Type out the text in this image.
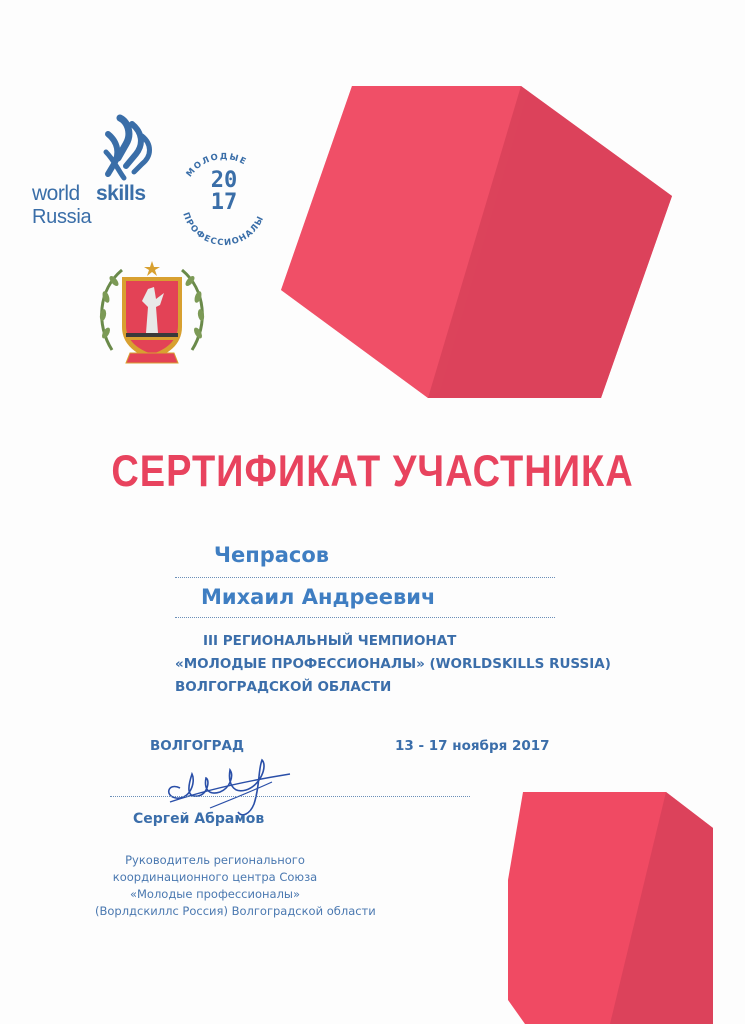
world skills
Russia
МОЛОДЫЕ
ПРОФЕССИОНАЛЫ
20
17
СЕРТИФИКАТ УЧАСТНИКА
Чепрасов
Михаил Андреевич
III РЕГИОНАЛЬНЫЙ ЧЕМПИОНАТ
«МОЛОДЫЕ ПРОФЕССИОНАЛЫ» (WORLDSKILLS RUSSIA)
ВОЛГОГРАДСКОЙ ОБЛАСТИ
ВОЛГОГРАД	13 - 17 ноября 2017
Сергей Абрамов
Руководитель регионального
координационного центра Союза
«Молодые профессионалы»
(Ворлдскиллс Россия) Волгоградской области
